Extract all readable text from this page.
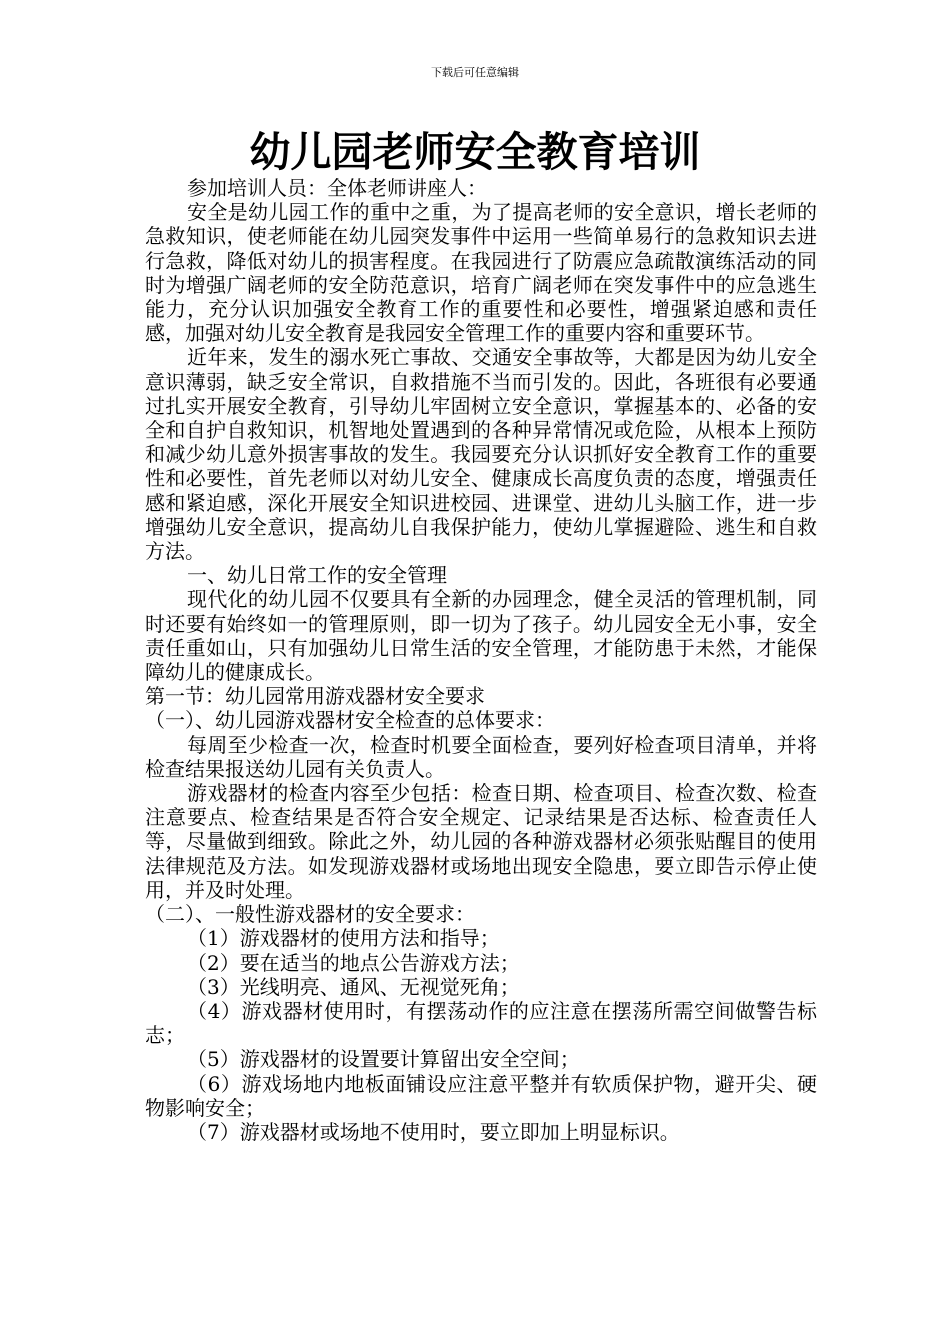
下载后可任意编辑
幼儿园老师安全教育培训

参加培训人员：全体老师讲座人：

安全是幼儿园工作的重中之重，为了提高老师的安全意识，增长老师的急救知识，使老师能在幼儿园突发事件中运用一些简单易行的急救知识去进行急救，降低对幼儿的损害程度。在我园进行了防震应急疏散演练活动的同时为增强广阔老师的安全防范意识，培育广阔老师在突发事件中的应急逃生能力，充分认识加强安全教育工作的重要性和必要性，增强紧迫感和责任感，加强对幼儿安全教育是我园安全管理工作的重要内容和重要环节。

近年来，发生的溺水死亡事故、交通安全事故等，大都是因为幼儿安全意识薄弱，缺乏安全常识，自救措施不当而引发的。因此，各班很有必要通过扎实开展安全教育，引导幼儿牢固树立安全意识，掌握基本的、必备的安全和自护自救知识，机智地处置遇到的各种异常情况或危险，从根本上预防和减少幼儿意外损害事故的发生。我园要充分认识抓好安全教育工作的重要性和必要性，首先老师以对幼儿安全、健康成长高度负责的态度，增强责任感和紧迫感，深化开展安全知识进校园、进课堂、进幼儿头脑工作，进一步增强幼儿安全意识，提高幼儿自我保护能力，使幼儿掌握避险、逃生和自救方法。

一、幼儿日常工作的安全管理

现代化的幼儿园不仅要具有全新的办园理念，健全灵活的管理机制，同时还要有始终如一的管理原则，即一切为了孩子。幼儿园安全无小事，安全责任重如山，只有加强幼儿日常生活的安全管理，才能防患于未然，才能保障幼儿的健康成长。

第一节：幼儿园常用游戏器材安全要求

（一）、幼儿园游戏器材安全检查的总体要求：

每周至少检查一次，检查时机要全面检查，要列好检查项目清单，并将检查结果报送幼儿园有关负责人。

游戏器材的检查内容至少包括：检查日期、检查项目、检查次数、检查注意要点、检查结果是否符合安全规定、记录结果是否达标、检查责任人等，尽量做到细致。除此之外，幼儿园的各种游戏器材必须张贴醒目的使用法律规范及方法。如发现游戏器材或场地出现安全隐患，要立即告示停止使用，并及时处理。

（二）、一般性游戏器材的安全要求：

（1）游戏器材的使用方法和指导；

（2）要在适当的地点公告游戏方法；

（3）光线明亮、通风、无视觉死角；

（4）游戏器材使用时，有摆荡动作的应注意在摆荡所需空间做警告标志；

（5）游戏器材的设置要计算留出安全空间；

（6）游戏场地内地板面铺设应注意平整并有软质保护物，避开尖、硬物影响安全；

（7）游戏器材或场地不使用时，要立即加上明显标识。
